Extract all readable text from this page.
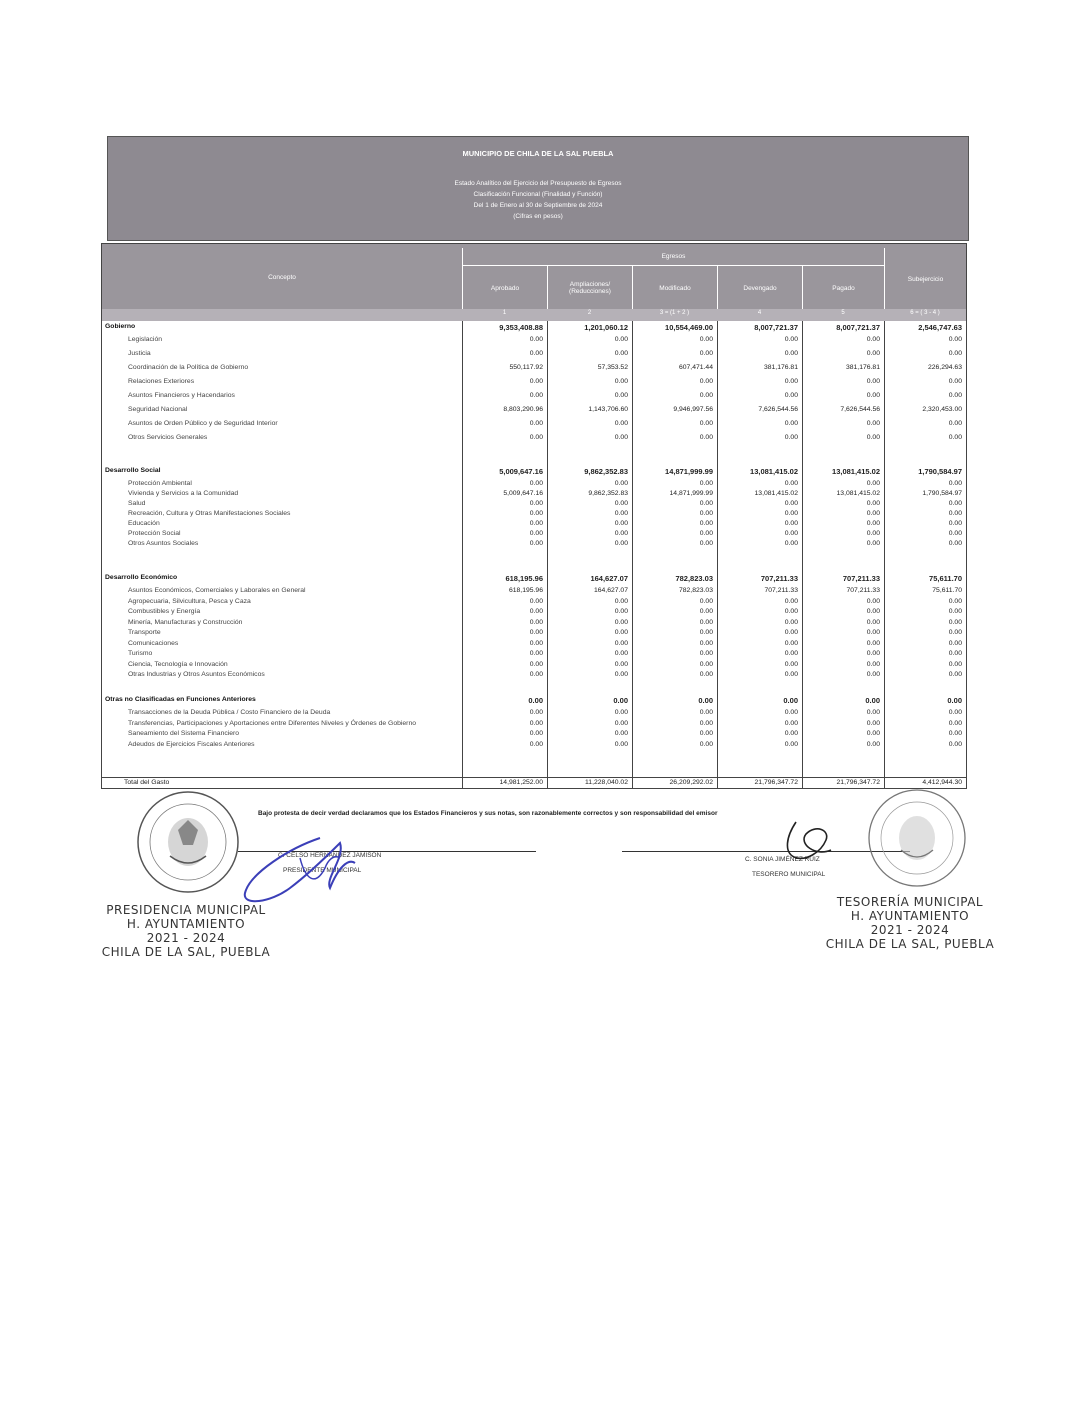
MUNICIPIO DE CHILA DE LA SAL PUEBLA
Estado Analítico del Ejercicio del Presupuesto de Egresos
Clasificación Funcional (Finalidad y Función)
Del 1 de Enero al 30 de Septiembre de 2024
(Cifras en pesos)
Concepto
Egresos
Aprobado	Ampliaciones/ (Reducciones)	Modificado	Devengado	Pagado
Subejercicio
1	2	3 = (1 + 2 )	4	5	6 = ( 3 - 4 )
Gobierno	9,353,408.88	1,201,060.12	10,554,469.00	8,007,721.37	8,007,721.37	2,546,747.63
Legislación	0.00	0.00	0.00	0.00	0.00	0.00
Justicia	0.00	0.00	0.00	0.00	0.00	0.00
Coordinación de la Política de Gobierno	550,117.92	57,353.52	607,471.44	381,176.81	381,176.81	226,294.63
Relaciones Exteriores	0.00	0.00	0.00	0.00	0.00	0.00
Asuntos Financieros y Hacendarios	0.00	0.00	0.00	0.00	0.00	0.00
Seguridad Nacional	8,803,290.96	1,143,706.60	9,946,997.56	7,626,544.56	7,626,544.56	2,320,453.00
Asuntos de Orden Público y de Seguridad Interior	0.00	0.00	0.00	0.00	0.00	0.00
Otros Servicios Generales	0.00	0.00	0.00	0.00	0.00	0.00
Desarrollo Social	5,009,647.16	9,862,352.83	14,871,999.99	13,081,415.02	13,081,415.02	1,790,584.97
Protección Ambiental	0.00	0.00	0.00	0.00	0.00	0.00
Vivienda y Servicios a la Comunidad	5,009,647.16	9,862,352.83	14,871,999.99	13,081,415.02	13,081,415.02	1,790,584.97
Salud	0.00	0.00	0.00	0.00	0.00	0.00
Recreación, Cultura y Otras Manifestaciones Sociales	0.00	0.00	0.00	0.00	0.00	0.00
Educación	0.00	0.00	0.00	0.00	0.00	0.00
Protección Social	0.00	0.00	0.00	0.00	0.00	0.00
Otros Asuntos Sociales	0.00	0.00	0.00	0.00	0.00	0.00
Desarrollo Económico	618,195.96	164,627.07	782,823.03	707,211.33	707,211.33	75,611.70
Asuntos Económicos, Comerciales y Laborales en General	618,195.96	164,627.07	782,823.03	707,211.33	707,211.33	75,611.70
Agropecuaria, Silvicultura, Pesca y Caza	0.00	0.00	0.00	0.00	0.00	0.00
Combustibles y Energía	0.00	0.00	0.00	0.00	0.00	0.00
Minería, Manufacturas y Construcción	0.00	0.00	0.00	0.00	0.00	0.00
Transporte	0.00	0.00	0.00	0.00	0.00	0.00
Comunicaciones	0.00	0.00	0.00	0.00	0.00	0.00
Turismo	0.00	0.00	0.00	0.00	0.00	0.00
Ciencia, Tecnología e Innovación	0.00	0.00	0.00	0.00	0.00	0.00
Otras Industrias y Otros Asuntos Económicos	0.00	0.00	0.00	0.00	0.00	0.00
Otras no Clasificadas en Funciones Anteriores	0.00	0.00	0.00	0.00	0.00	0.00
Transacciones de la Deuda Pública / Costo Financiero de la Deuda	0.00	0.00	0.00	0.00	0.00	0.00
Transferencias, Participaciones y Aportaciones entre Diferentes Niveles y Órdenes de Gobierno	0.00	0.00	0.00	0.00	0.00	0.00
Saneamiento del Sistema Financiero	0.00	0.00	0.00	0.00	0.00	0.00
Adeudos de Ejercicios Fiscales Anteriores	0.00	0.00	0.00	0.00	0.00	0.00
Total del Gasto	14,981,252.00	11,228,040.02	26,209,292.02	21,796,347.72	21,796,347.72	4,412,944.30
Bajo protesta de decir verdad declaramos que los Estados Financieros y sus notas, son razonablemente correctos y son responsabilidad del emisor
C. CELSO HERNÁNDEZ JAMISÓN
PRESIDENTE MUNICIPAL
C. SONIA JIMÉNEZ RUIZ
TESORERO MUNICIPAL
PRESIDENCIA MUNICIPAL
H. AYUNTAMIENTO
2021 - 2024
CHILA DE LA SAL, PUEBLA
TESORERÍA MUNICIPAL
H. AYUNTAMIENTO
2021 - 2024
CHILA DE LA SAL, PUEBLA
